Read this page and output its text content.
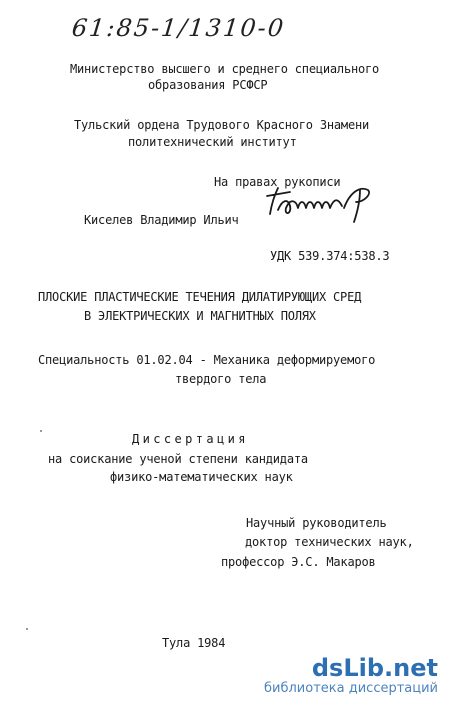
61:85-1/1310-0
Министерство высшего и среднего специального
образования РСФСР
Тульский ордена Трудового Красного Знамени
политехнический институт
На правах рукописи
Киселев Владимир Ильич
УДК 539.374:538.3
ПЛОСКИЕ ПЛАСТИЧЕСКИЕ ТЕЧЕНИЯ ДИЛАТИРУЮЩИХ СРЕД
В ЭЛЕКТРИЧЕСКИХ И МАГНИТНЫХ ПОЛЯХ
Специальность 01.02.04 - Механика деформируемого
твердого тела
Диссертация
на соискание ученой степени кандидата
физико-математических наук
Научный руководитель
доктор технических наук,
профессор Э.С. Макаров
Тула 1984
dsLib.net
библиотека диссертаций
